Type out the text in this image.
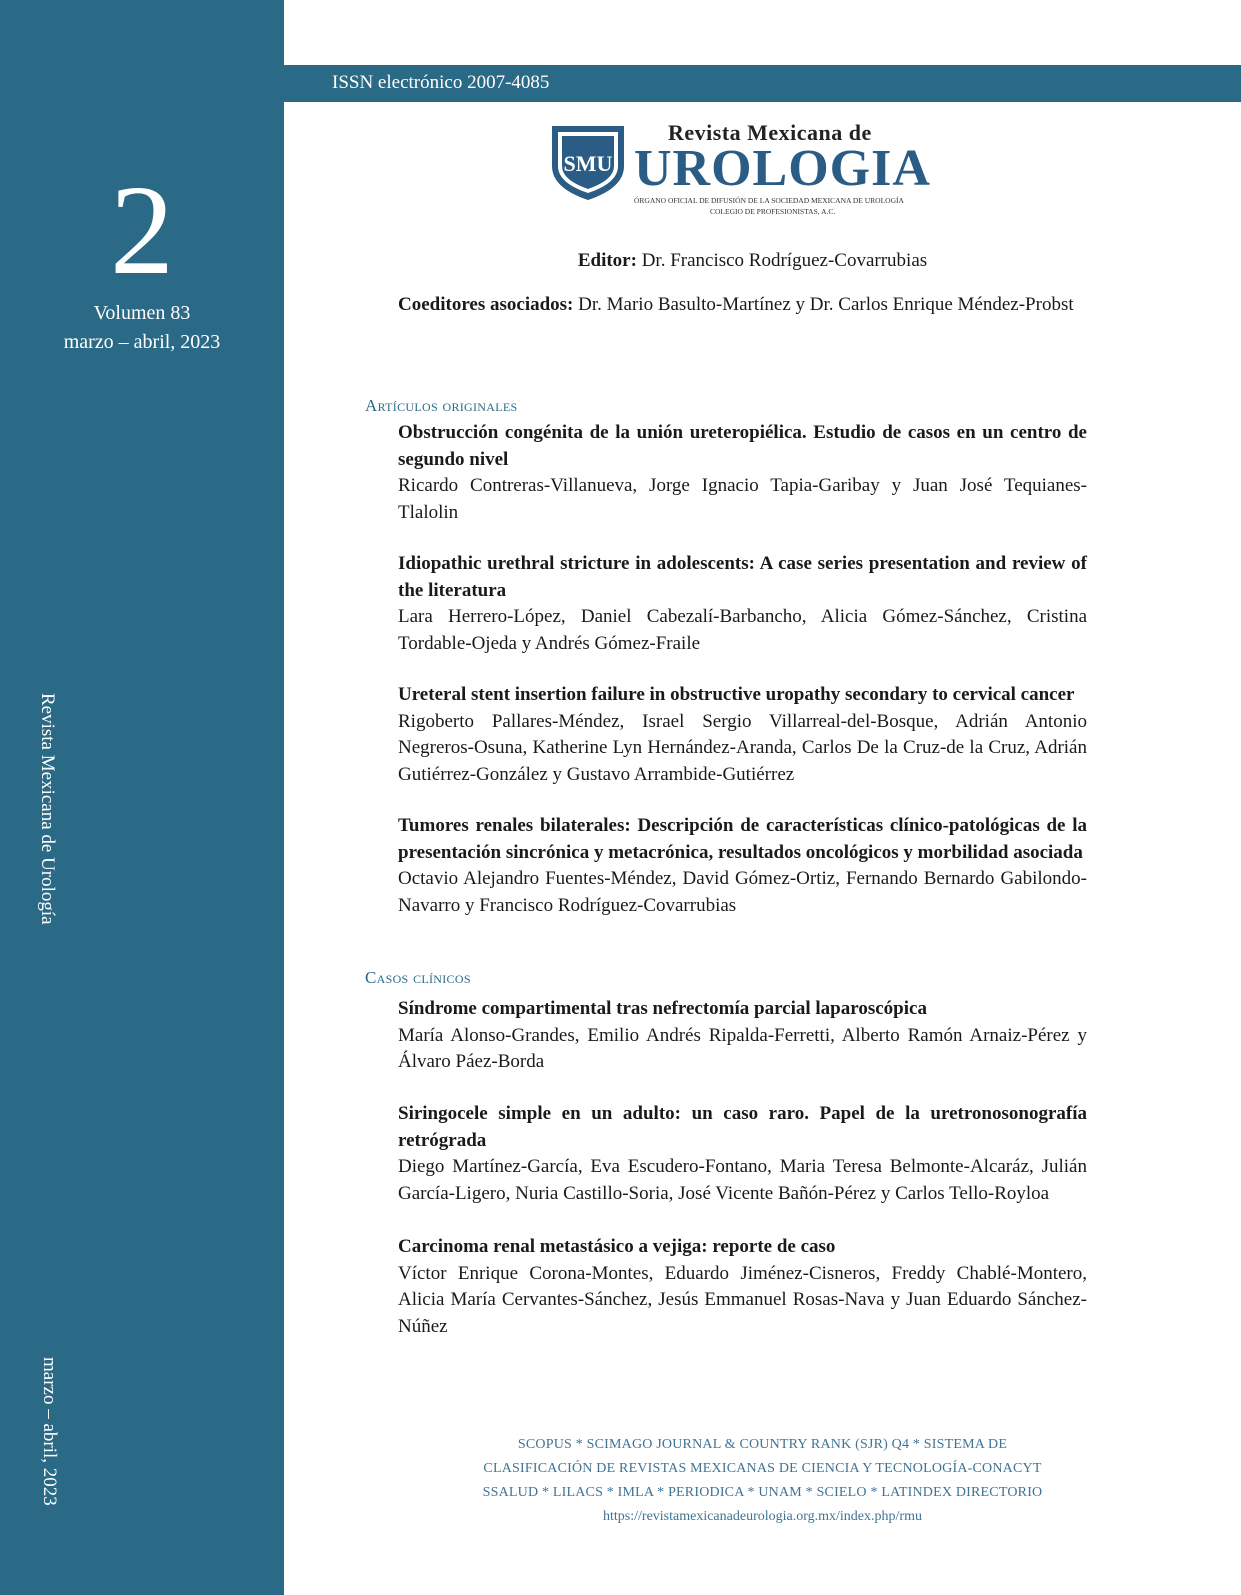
2
Volumen 83
marzo – abril, 2023
Revista Mexicana de Urología
marzo – abril, 2023
ISSN electrónico 2007-4085
SMU
Revista Mexicana de
UROLOGIA
ÓRGANO OFICIAL DE DIFUSIÓN DE LA SOCIEDAD MEXICANA DE UROLOGÍA
COLEGIO DE PROFESIONISTAS, A.C.
Editor: Dr. Francisco Rodríguez-Covarrubias
Coeditores asociados: Dr. Mario Basulto-Martínez y Dr. Carlos Enrique Méndez-Probst
Artículos originales
Obstrucción congénita de la unión ureteropiélica. Estudio de casos en un centro de segundo nivel
Ricardo Contreras-Villanueva, Jorge Ignacio Tapia-Garibay y Juan José Tequianes-Tlalolin
Idiopathic urethral stricture in adolescents: A case series presentation and review of the literatura
Lara Herrero-López, Daniel Cabezalí-Barbancho, Alicia Gómez-Sánchez, Cristina Tordable-Ojeda y Andrés Gómez-Fraile
Ureteral stent insertion failure in obstructive uropathy secondary to cervical cancer
Rigoberto Pallares-Méndez, Israel Sergio Villarreal-del-Bosque, Adrián Antonio Negreros-Osuna, Katherine Lyn Hernández-Aranda, Carlos De la Cruz-de la Cruz, Adrián Gutiérrez-González y Gustavo Arrambide-Gutiérrez
Tumores renales bilaterales: Descripción de características clínico-patológicas de la presentación sincrónica y metacrónica, resultados oncológicos y morbilidad asociada
Octavio Alejandro Fuentes-Méndez, David Gómez-Ortiz, Fernando Bernardo Gabilondo-Navarro y Francisco Rodríguez-Covarrubias
Casos clínicos
Síndrome compartimental tras nefrectomía parcial laparoscópica
María Alonso-Grandes, Emilio Andrés Ripalda-Ferretti, Alberto Ramón Arnaiz-Pérez y Álvaro Páez-Borda
Siringocele simple en un adulto: un caso raro. Papel de la uretronosonografía retrógrada
Diego Martínez-García, Eva Escudero-Fontano, Maria Teresa Belmonte-Alcaráz, Julián García-Ligero, Nuria Castillo-Soria, José Vicente Bañón-Pérez y Carlos Tello-Royloa
Carcinoma renal metastásico a vejiga: reporte de caso
Víctor Enrique Corona-Montes, Eduardo Jiménez-Cisneros, Freddy Chablé-Montero, Alicia María Cervantes-Sánchez, Jesús Emmanuel Rosas-Nava y Juan Eduardo Sánchez-Núñez
SCOPUS * SCIMAGO JOURNAL & COUNTRY RANK (SJR) Q4 * SISTEMA DE
CLASIFICACIÓN DE REVISTAS MEXICANAS DE CIENCIA Y TECNOLOGÍA-CONACYT
SSALUD * LILACS * IMLA * PERIODICA * UNAM * SCIELO * LATINDEX DIRECTORIO
https://revistamexicanadeurologia.org.mx/index.php/rmu
